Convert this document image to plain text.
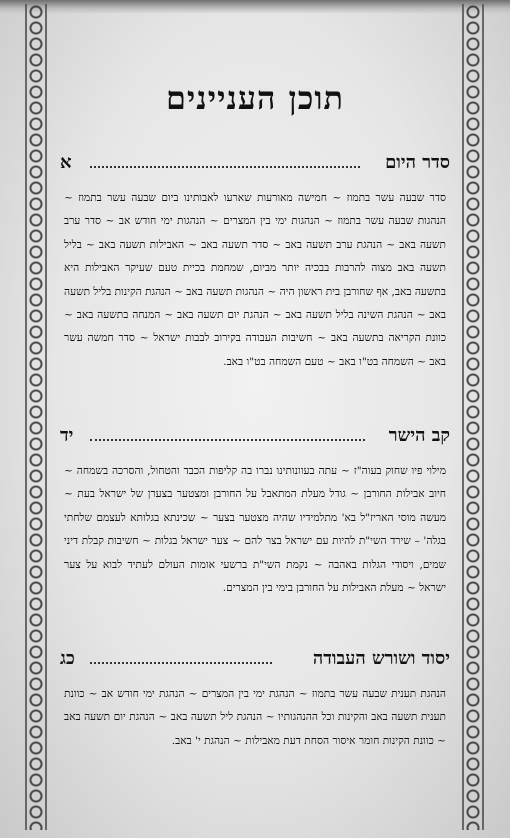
תוכן העניינים
סדר היום
א
סדר שבעה עשר בתמוז ~ חמישה מאורעות שארעו לאבותינו ביום שבעה עשר בתמוז ~ הנהגות שבעה עשר בתמוז ~ הנהגות ימי בין המצרים ~ הנהגות ימי חודש אב ~ סדר ערב תשעה באב ~ הנהגת ערב תשעה באב ~ סדר תשעה באב ~ האבילות תשעה באב ~ בליל תשעה באב מצוה להרבות בבכיה יותר מביום, שמחמת בכיית טעם שעיקר האבילות היא בתשעה באב, אף שחורבן בית ראשון היה ~ הנהגות תשעה באב ~ הנהגת הקינות בליל תשעה באב ~ הנהגת השינה בליל תשעה באב ~ הנהגת יום תשעה באב ~ המנחה בתשעה באב ~ כוונת הקריאה בתשעה באב ~ חשיבות העבודה בקירוב לבבות ישראל ~ סדר חמשה עשר באב ~ השמחה בט"ו באב ~ טעם השמחה בט"ו באב.
קב הישר
יד
מילוי פיו שחוק בעוה"ז ~ עתה בעוונותינו נברו בה קליפות הכבד והטחול, והסרכה בשמחה ~ חיוב אבילות החורבן ~ גודל מעלת המתאבל על החורבן ומצטער בצערן של ישראל בעת ~ מעשה מוסי האריז"ל בא' מתלמידיו שהיה מצטער בצער ~ שכינתא בגלותא לעצמם שלחתי בגלה' – שירד השי"ת להיות עם ישראל בצר להם ~ צער ישראל בגלות ~ חשיבות קבלת דיני שמים, ויסודי הגלות באהבה ~ נקמת השי"ת ברשעי אומות העולם לעתיד לבוא על צער ישראל ~ מעלת האבילות על החורבן בימי בין המצרים.
יסוד ושורש העבודה
כג
הנהגת תענית שבעה עשר בתמוז ~ הנהגת ימי בין המצרים ~ הנהגת ימי חודש אב ~ כוונת תענית תשעה באב והקינות וכל ההנהגותיו ~ הנהגת ליל תשעה באב ~ הנהגת יום תשעה באב ~ כוונת הקינות חומר איסור הסחת דעת מאבילות ~ הנהגת י' באב.
